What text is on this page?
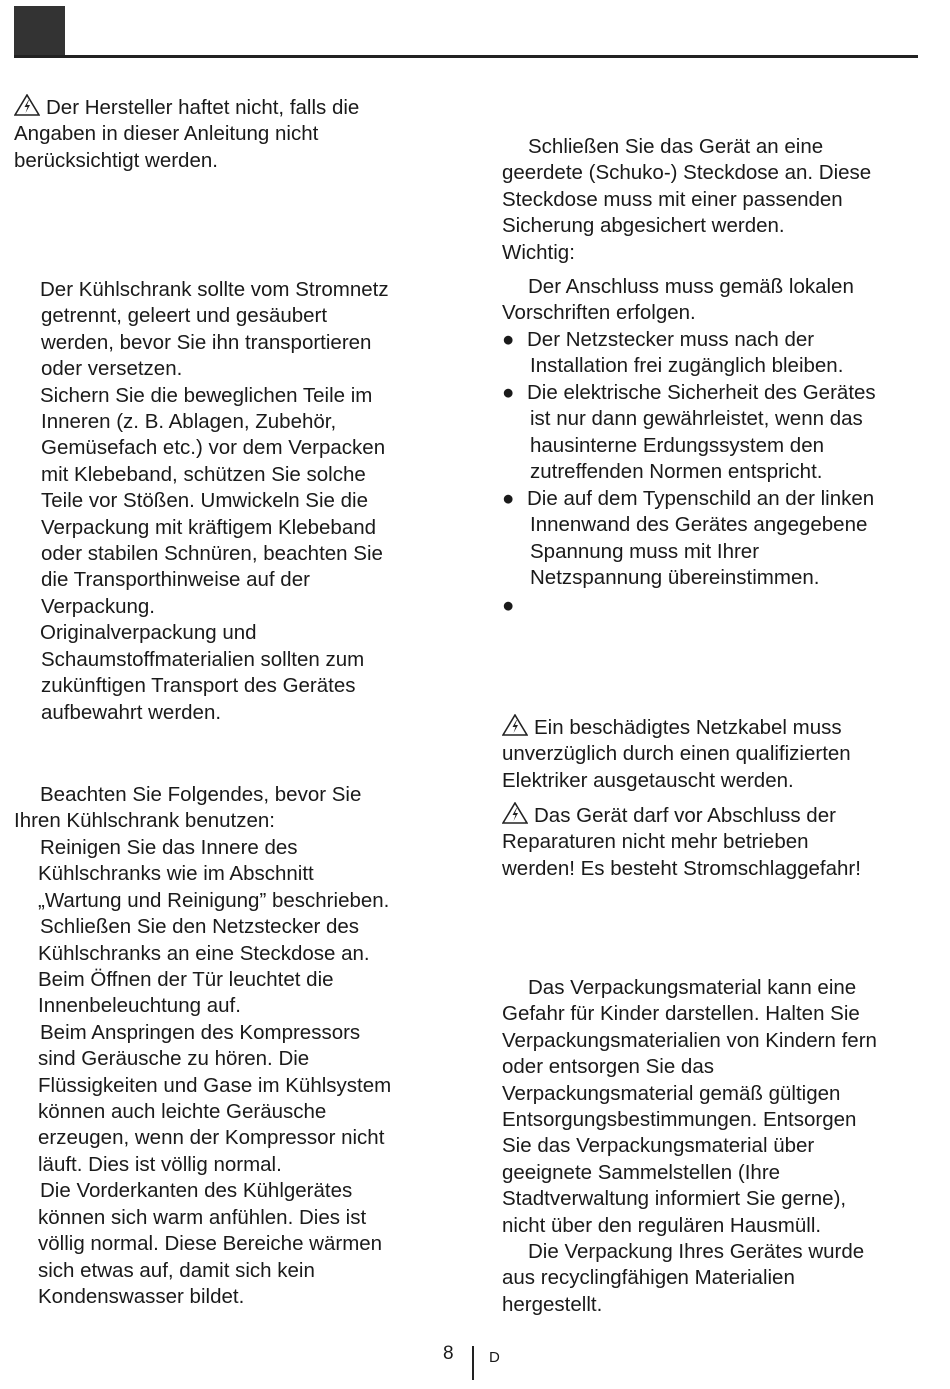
Der Hersteller haftet nicht, falls die

Angaben in dieser Anleitung nicht

berücksichtigt werden.

Der Kühlschrank sollte vom Stromnetz

getrennt, geleert und gesäubert

werden, bevor Sie ihn transportieren

oder versetzen.

Sichern Sie die beweglichen Teile im

Inneren (z. B. Ablagen, Zubehör,

Gemüsefach etc.) vor dem Verpacken

mit Klebeband, schützen Sie solche

Teile vor Stößen. Umwickeln Sie die

Verpackung mit kräftigem Klebeband

oder stabilen Schnüren, beachten Sie

die Transporthinweise auf der

Verpackung.

Originalverpackung und

Schaumstoffmaterialien sollten zum

zukünftigen Transport des Gerätes

aufbewahrt werden.

Beachten Sie Folgendes, bevor Sie

Ihren Kühlschrank benutzen:

Reinigen Sie das Innere des

Kühlschranks wie im Abschnitt

„Wartung und Reinigung” beschrieben.

Schließen Sie den Netzstecker des

Kühlschranks an eine Steckdose an.

Beim Öffnen der Tür leuchtet die

Innenbeleuchtung auf.

Beim Anspringen des Kompressors

sind Geräusche zu hören. Die

Flüssigkeiten und Gase im Kühlsystem

können auch leichte Geräusche

erzeugen, wenn der Kompressor nicht

läuft. Dies ist völlig normal.

Die Vorderkanten des Kühlgerätes

können sich warm anfühlen. Dies ist

völlig normal. Diese Bereiche wärmen

sich etwas auf, damit sich kein

Kondenswasser bildet.

Schließen Sie das Gerät an eine

geerdete (Schuko-) Steckdose an. Diese

Steckdose muss mit einer passenden

Sicherung abgesichert werden.

Wichtig:

Der Anschluss muss gemäß lokalen

Vorschriften erfolgen.

● Der Netzstecker muss nach der

Installation frei zugänglich bleiben.

● Die elektrische Sicherheit des Gerätes

ist nur dann gewährleistet, wenn das

hausinterne Erdungssystem den

zutreffenden Normen entspricht.

● Die auf dem Typenschild an der linken

Innenwand des Gerätes angegebene

Spannung muss mit Ihrer

Netzspannung übereinstimmen.

●

Ein beschädigtes Netzkabel muss

unverzüglich durch einen qualifizierten

Elektriker ausgetauscht werden.

Das Gerät darf vor Abschluss der

Reparaturen nicht mehr betrieben

werden! Es besteht Stromschlaggefahr!

Das Verpackungsmaterial kann eine

Gefahr für Kinder darstellen. Halten Sie

Verpackungsmaterialien von Kindern fern

oder entsorgen Sie das

Verpackungsmaterial gemäß gültigen

Entsorgungsbestimmungen. Entsorgen

Sie das Verpackungsmaterial über

geeignete Sammelstellen (Ihre

Stadtverwaltung informiert Sie gerne),

nicht über den regulären Hausmüll.

Die Verpackung Ihres Gerätes wurde

aus recyclingfähigen Materialien

hergestellt.

8 D
